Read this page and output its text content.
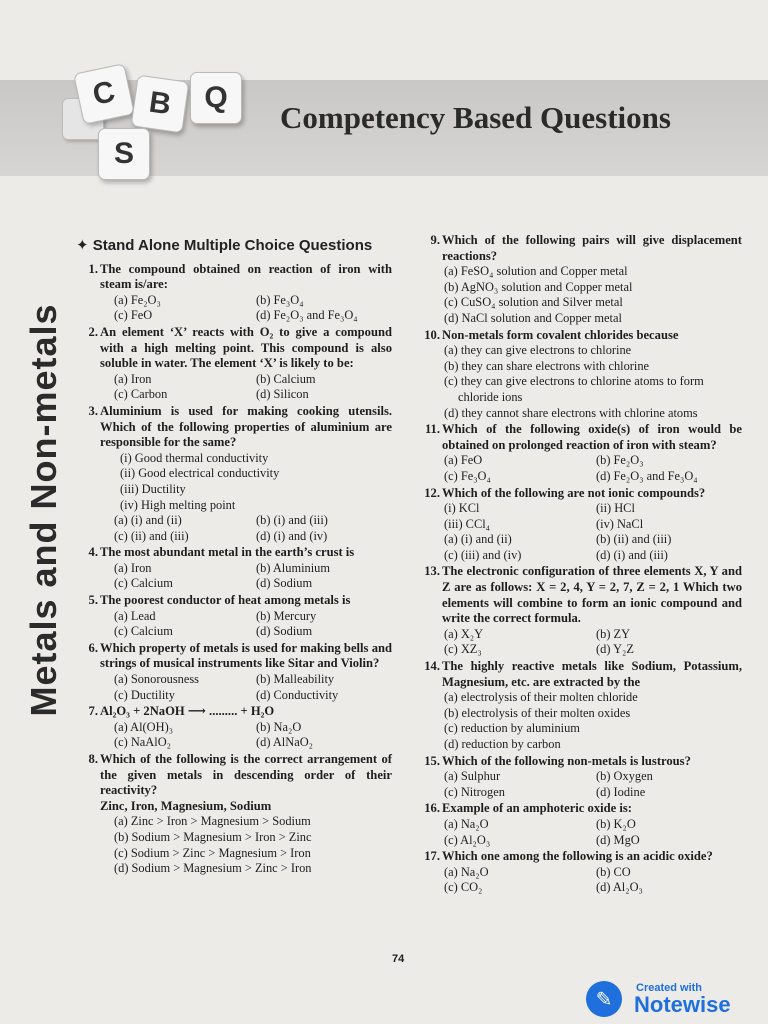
C B	Q
S
Competency Based Questions
Metals and Non-metals
✦ Stand Alone Multiple Choice Questions
1. The compound obtained on reaction of iron with steam is/are:
(a) Fe₂O₃	(b) Fe₃O₄
(c) FeO	(d) Fe₂O₃ and Fe₃O₄
2. An element ‘X’ reacts with O₂ to give a compound with a high melting point. This compound is also soluble in water. The element ‘X’ is likely to be:
(a) Iron	(b) Calcium
(c) Carbon	(d) Silicon
3. Aluminium is used for making cooking utensils. Which of the following properties of aluminium are responsible for the same?
(i) Good thermal conductivity
(ii) Good electrical conductivity
(iii) Ductility
(iv) High melting point
(a) (i) and (ii)	(b) (i) and (iii)
(c) (ii) and (iii)	(d) (i) and (iv)
4. The most abundant metal in the earth’s crust is
(a) Iron	(b) Aluminium
(c) Calcium	(d) Sodium
5. The poorest conductor of heat among metals is
(a) Lead	(b) Mercury
(c) Calcium	(d) Sodium
6. Which property of metals is used for making bells and strings of musical instruments like Sitar and Violin?
(a) Sonorousness	(b) Malleability
(c) Ductility	(d) Conductivity
7. Al₂O₃ + 2NaOH ⟶ ......... + H₂O
(a) Al(OH)₃	(b) Na₂O
(c) NaAlO₂	(d) AlNaO₂
8. Which of the following is the correct arrangement of the given metals in descending order of their reactivity?
Zinc, Iron, Magnesium, Sodium
(a) Zinc > Iron > Magnesium > Sodium
(b) Sodium > Magnesium > Iron > Zinc
(c) Sodium > Zinc > Magnesium > Iron
(d) Sodium > Magnesium > Zinc > Iron
9. Which of the following pairs will give displacement reactions?
(a) FeSO₄ solution and Copper metal
(b) AgNO₃ solution and Copper metal
(c) CuSO₄ solution and Silver metal
(d) NaCl solution and Copper metal
10. Non-metals form covalent chlorides because
(a) they can give electrons to chlorine
(b) they can share electrons with chlorine
(c) they can give electrons to chlorine atoms to form chloride ions
(d) they cannot share electrons with chlorine atoms
11. Which of the following oxide(s) of iron would be obtained on prolonged reaction of iron with steam?
(a) FeO	(b) Fe₂O₃
(c) Fe₃O₄	(d) Fe₂O₃ and Fe₃O₄
12. Which of the following are not ionic compounds?
(i) KCl	(ii) HCl
(iii) CCl₄	(iv) NaCl
(a) (i) and (ii)	(b) (ii) and (iii)
(c) (iii) and (iv)	(d) (i) and (iii)
13. The electronic configuration of three elements X, Y and Z are as follows: X = 2, 4, Y = 2, 7, Z = 2, 1 Which two elements will combine to form an ionic compound and write the correct formula.
(a) X₂Y	(b) ZY
(c) XZ₃	(d) Y₂Z
14. The highly reactive metals like Sodium, Potassium, Magnesium, etc. are extracted by the
(a) electrolysis of their molten chloride
(b) electrolysis of their molten oxides
(c) reduction by aluminium
(d) reduction by carbon
15. Which of the following non-metals is lustrous?
(a) Sulphur	(b) Oxygen
(c) Nitrogen	(d) Iodine
16. Example of an amphoteric oxide is:
(a) Na₂O	(b) K₂O
(c) Al₂O₃	(d) MgO
17. Which one among the following is an acidic oxide?
(a) Na₂O	(b) CO
(c) CO₂	(d) Al₂O₃
74
✎
Created with
Notewise
